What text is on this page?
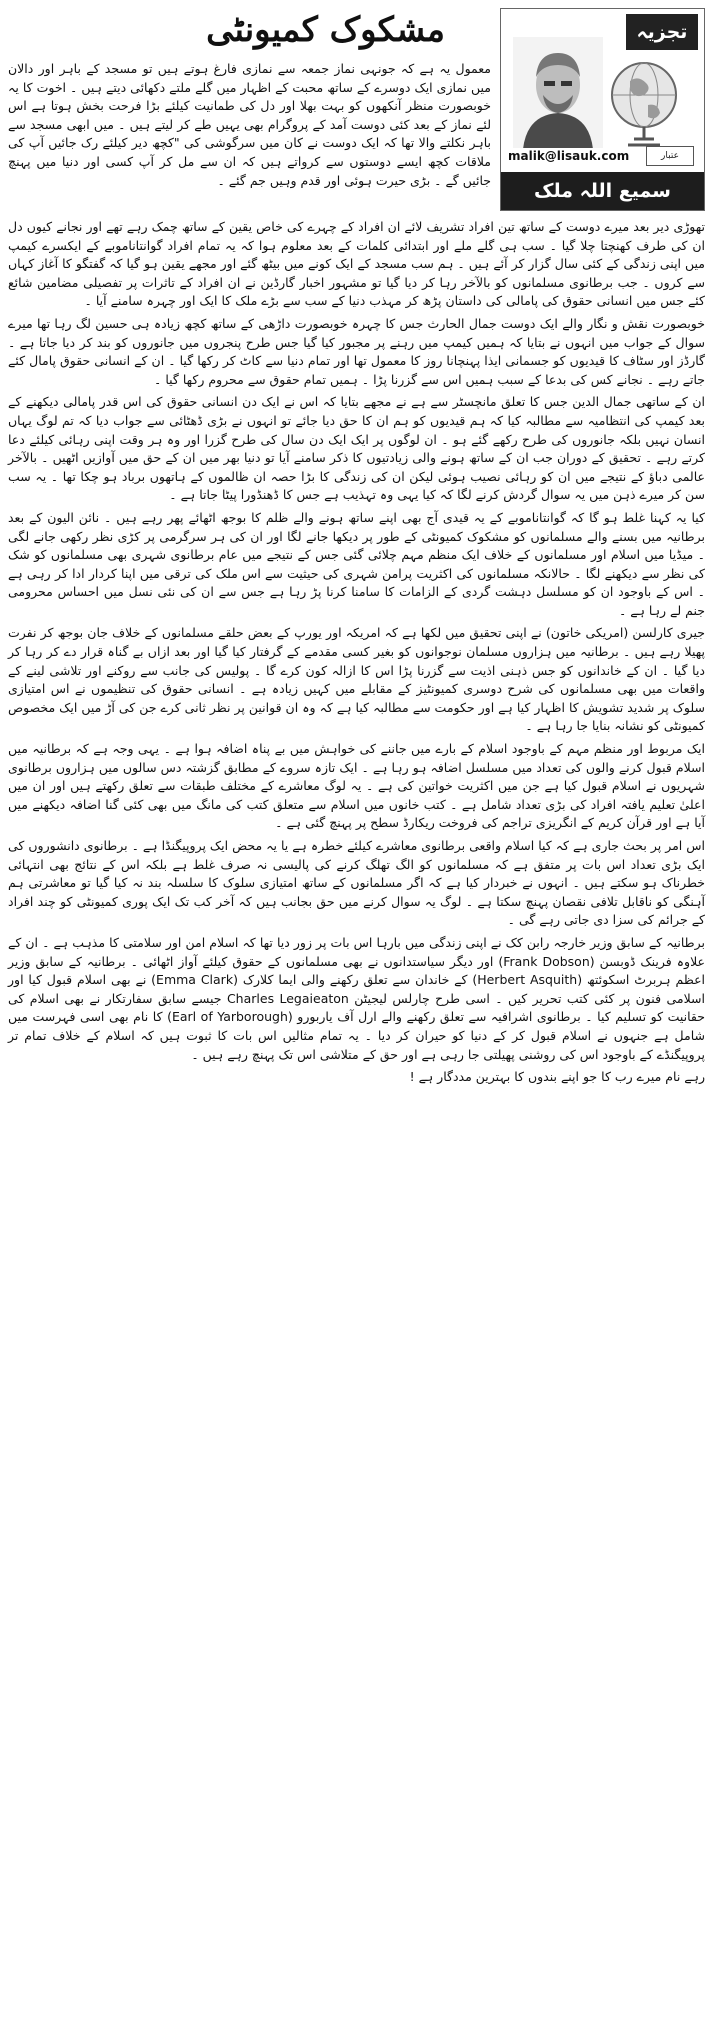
تجزیہ
عتبار
malik@lisauk.com
سمیع اللہ ملک
مشکوک کمیونٹی
معمول یہ ہے کہ جونہی نماز جمعہ سے نمازی فارغ ہوتے ہیں تو مسجد کے باہر اور دالان میں نمازی ایک دوسرے کے ساتھ محبت کے اظہار میں گلے ملتے دکھائی دیتے ہیں ۔ اخوت کا یہ خوبصورت منظر آنکھوں کو بہت بھلا اور دل کی طمانیت کیلئے بڑا فرحت بخش ہوتا ہے اس لئے نماز کے بعد کئی دوست آمد کے پروگرام بھی یہیں طے کر لیتے ہیں ۔ میں ابھی مسجد سے باہر نکلتے والا تھا کہ ایک دوست نے کان میں سرگوشی کی "کچھ دیر کیلئے رک جائیں آپ کی ملاقات کچھ ایسے دوستوں سے کرواتے ہیں کہ ان سے مل کر آپ کسی اور دنیا میں پہنچ جائیں گے ۔ بڑی حیرت ہوئی اور قدم وہیں جم گئے ۔

تھوڑی دیر بعد میرے دوست کے ساتھ تین افراد تشریف لائے ان افراد کے چہرے کی خاص یقین کے ساتھ چمک رہے تھے اور نجانے کیوں دل ان کی طرف کھنچتا چلا گیا ۔ سب ہی گلے ملے اور ابتدائی کلمات کے بعد معلوم ہوا کہ یہ تمام افراد گوانتاناموبے کے ایکسرے کیمپ میں اپنی زندگی کے کئی سال گزار کر آئے ہیں ۔ ہم سب مسجد کے ایک کونے میں بیٹھ گئے اور مجھے یقین ہو گیا کہ گفتگو کا آغاز کہاں سے کروں ۔ جب برطانوی مسلمانوں کو بالآخر رہا کر دیا گیا تو مشہور اخبار گارڈین نے ان افراد کے تاثرات پر تفصیلی مضامین شائع کئے جس میں انسانی حقوق کی پامالی کی داستان پڑھ کر مہذب دنیا کے سب سے بڑے ملک کا ایک اور چہرہ سامنے آیا ۔

خوبصورت نقش و نگار والے ایک دوست جمال الحارث جس کا چہرہ خوبصورت داڑھی کے ساتھ کچھ زیادہ ہی حسین لگ رہا تھا میرے سوال کے جواب میں انہوں نے بتایا کہ ہمیں کیمپ میں رہنے پر مجبور کیا گیا جس طرح پنجروں میں جانوروں کو بند کر دیا جاتا ہے ۔ گارڈز اور سٹاف کا قیدیوں کو جسمانی ایذا پہنچانا روز کا معمول تھا اور تمام دنیا سے کاٹ کر رکھا گیا ۔ ان کے انسانی حقوق پامال کئے جاتے رہے ۔ نجانے کس کی بدعا کے سبب ہمیں اس سے گزرنا پڑا ۔ ہمیں تمام حقوق سے محروم رکھا گیا ۔

ان کے ساتھی جمال الدین جس کا تعلق مانچسٹر سے ہے نے مجھے بتایا کہ اس نے ایک دن انسانی حقوق کی اس قدر پامالی دیکھنے کے بعد کیمپ کی انتظامیہ سے مطالبہ کیا کہ ہم قیدیوں کو ہم ان کا حق دیا جائے تو انہوں نے بڑی ڈھٹائی سے جواب دیا کہ تم لوگ یہاں انسان نہیں بلکہ جانوروں کی طرح رکھے گئے ہو ۔ ان لوگوں پر ایک ایک دن سال کی طرح گزرا اور وہ ہر وقت اپنی رہائی کیلئے دعا کرتے رہے ۔ تحقیق کے دوران جب ان کے ساتھ ہونے والی زیادتیوں کا ذکر سامنے آیا تو دنیا بھر میں ان کے حق میں آوازیں اٹھیں ۔ بالآخر عالمی دباؤ کے نتیجے میں ان کو رہائی نصیب ہوئی لیکن ان کی زندگی کا بڑا حصہ ان ظالموں کے ہاتھوں برباد ہو چکا تھا ۔ یہ سب سن کر میرے ذہن میں یہ سوال گردش کرنے لگا کہ کیا یہی وہ تہذیب ہے جس کا ڈھنڈورا پیٹا جاتا ہے ۔

کیا یہ کہنا غلط ہو گا کہ گوانتاناموبے کے یہ قیدی آج بھی اپنے ساتھ ہونے والے ظلم کا بوجھ اٹھائے پھر رہے ہیں ۔ نائن الیون کے بعد برطانیہ میں بسنے والے مسلمانوں کو مشکوک کمیونٹی کے طور پر دیکھا جانے لگا اور ان کی ہر سرگرمی پر کڑی نظر رکھی جانے لگی ۔ میڈیا میں اسلام اور مسلمانوں کے خلاف ایک منظم مہم چلائی گئی جس کے نتیجے میں عام برطانوی شہری بھی مسلمانوں کو شک کی نظر سے دیکھنے لگا ۔ حالانکہ مسلمانوں کی اکثریت پرامن شہری کی حیثیت سے اس ملک کی ترقی میں اپنا کردار ادا کر رہی ہے ۔ اس کے باوجود ان کو مسلسل دہشت گردی کے الزامات کا سامنا کرنا پڑ رہا ہے جس سے ان کی نئی نسل میں احساس محرومی جنم لے رہا ہے ۔

جیری کارلسن (امریکی خاتون) نے اپنی تحقیق میں لکھا ہے کہ امریکہ اور یورپ کے بعض حلقے مسلمانوں کے خلاف جان بوجھ کر نفرت پھیلا رہے ہیں ۔ برطانیہ میں ہزاروں مسلمان نوجوانوں کو بغیر کسی مقدمے کے گرفتار کیا گیا اور بعد ازاں بے گناہ قرار دے کر رہا کر دیا گیا ۔ ان کے خاندانوں کو جس ذہنی اذیت سے گزرنا پڑا اس کا ازالہ کون کرے گا ۔ پولیس کی جانب سے روکنے اور تلاشی لینے کے واقعات میں بھی مسلمانوں کی شرح دوسری کمیونٹیز کے مقابلے میں کہیں زیادہ ہے ۔ انسانی حقوق کی تنظیموں نے اس امتیازی سلوک پر شدید تشویش کا اظہار کیا ہے اور حکومت سے مطالبہ کیا ہے کہ وہ ان قوانین پر نظر ثانی کرے جن کی آڑ میں ایک مخصوص کمیونٹی کو نشانہ بنایا جا رہا ہے ۔

ایک مربوط اور منظم مہم کے باوجود اسلام کے بارے میں جاننے کی خواہش میں بے پناہ اضافہ ہوا ہے ۔ یہی وجہ ہے کہ برطانیہ میں اسلام قبول کرنے والوں کی تعداد میں مسلسل اضافہ ہو رہا ہے ۔ ایک تازہ سروے کے مطابق گزشتہ دس سالوں میں ہزاروں برطانوی شہریوں نے اسلام قبول کیا ہے جن میں اکثریت خواتین کی ہے ۔ یہ لوگ معاشرے کے مختلف طبقات سے تعلق رکھتے ہیں اور ان میں اعلیٰ تعلیم یافتہ افراد کی بڑی تعداد شامل ہے ۔ کتب خانوں میں اسلام سے متعلق کتب کی مانگ میں بھی کئی گنا اضافہ دیکھنے میں آیا ہے اور قرآن کریم کے انگریزی تراجم کی فروخت ریکارڈ سطح پر پہنچ گئی ہے ۔

اس امر پر بحث جاری ہے کہ کیا اسلام واقعی برطانوی معاشرے کیلئے خطرہ ہے یا یہ محض ایک پروپیگنڈا ہے ۔ برطانوی دانشوروں کی ایک بڑی تعداد اس بات پر متفق ہے کہ مسلمانوں کو الگ تھلگ کرنے کی پالیسی نہ صرف غلط ہے بلکہ اس کے نتائج بھی انتہائی خطرناک ہو سکتے ہیں ۔ انہوں نے خبردار کیا ہے کہ اگر مسلمانوں کے ساتھ امتیازی سلوک کا سلسلہ بند نہ کیا گیا تو معاشرتی ہم آہنگی کو ناقابل تلافی نقصان پہنچ سکتا ہے ۔ لوگ یہ سوال کرنے میں حق بجانب ہیں کہ آخر کب تک ایک پوری کمیونٹی کو چند افراد کے جرائم کی سزا دی جاتی رہے گی ۔

برطانیہ کے سابق وزیر خارجہ رابن کک نے اپنی زندگی میں بارہا اس بات پر زور دیا تھا کہ اسلام امن اور سلامتی کا مذہب ہے ۔ ان کے علاوہ فرینک ڈوبسن (Frank Dobson) اور دیگر سیاستدانوں نے بھی مسلمانوں کے حقوق کیلئے آواز اٹھائی ۔ برطانیہ کے سابق وزیر اعظم ہربرٹ اسکوئتھ (Herbert Asquith) کے خاندان سے تعلق رکھنے والی ایما کلارک (Emma Clark) نے بھی اسلام قبول کیا اور اسلامی فنون پر کئی کتب تحریر کیں ۔ اسی طرح چارلس لیجیٹن Charles Legaieaton جیسے سابق سفارتکار نے بھی اسلام کی حقانیت کو تسلیم کیا ۔ برطانوی اشرافیہ سے تعلق رکھنے والے ارل آف یاربورو (Earl of Yarborough) کا نام بھی اسی فہرست میں شامل ہے جنہوں نے اسلام قبول کر کے دنیا کو حیران کر دیا ۔ یہ تمام مثالیں اس بات کا ثبوت ہیں کہ اسلام کے خلاف تمام تر پروپیگنڈے کے باوجود اس کی روشنی پھیلتی جا رہی ہے اور حق کے متلاشی اس تک پہنچ رہے ہیں ۔

رہے نام میرے رب کا جو اپنے بندوں کا بہترین مددگار ہے !
